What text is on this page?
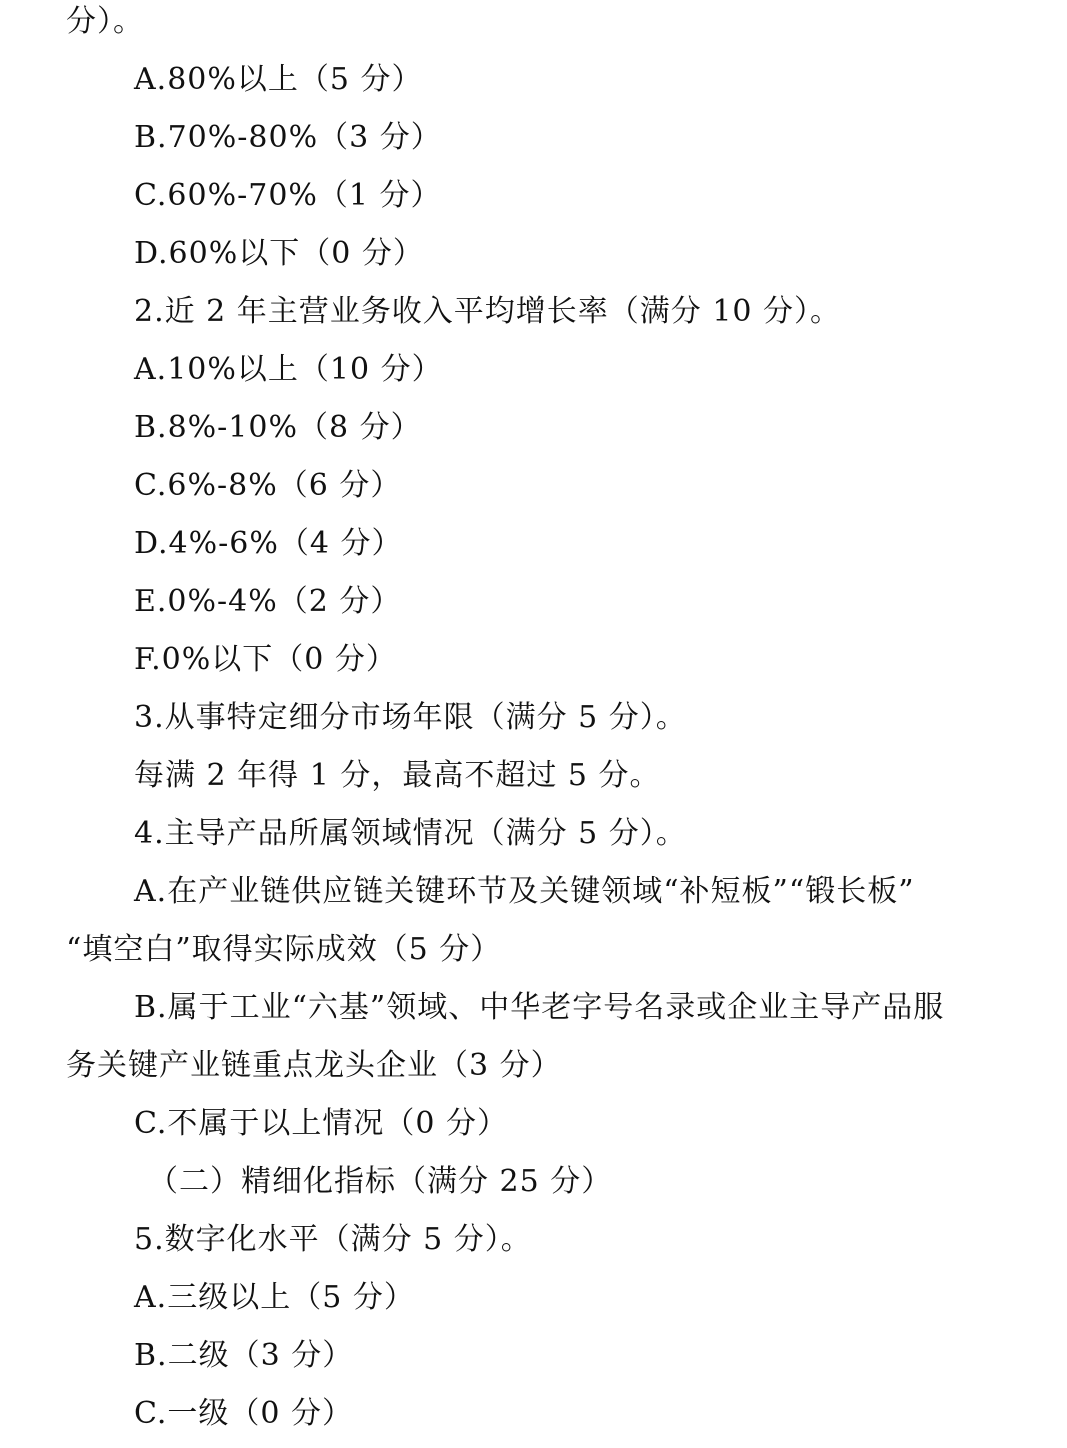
分）。
A.80%以上（5 分）
B.70%-80%（3 分）
C.60%-70%（1 分）
D.60%以下（0 分）
2.近 2 年主营业务收入平均增长率（满分 10 分）。
A.10%以上（10 分）
B.8%-10%（8 分）
C.6%-8%（6 分）
D.4%-6%（4 分）
E.0%-4%（2 分）
F.0%以下（0 分）
3.从事特定细分市场年限（满分 5 分）。
每满 2 年得 1 分，最高不超过 5 分。
4.主导产品所属领域情况（满分 5 分）。
A.在产业链供应链关键环节及关键领域“补短板”“锻长板”
“填空白”取得实际成效（5 分）
B.属于工业“六基”领域、中华老字号名录或企业主导产品服
务关键产业链重点龙头企业（3 分）
C.不属于以上情况（0 分）
（二）精细化指标（满分 25 分）
5.数字化水平（满分 5 分）。
A.三级以上（5 分）
B.二级（3 分）
C.一级（0 分）
